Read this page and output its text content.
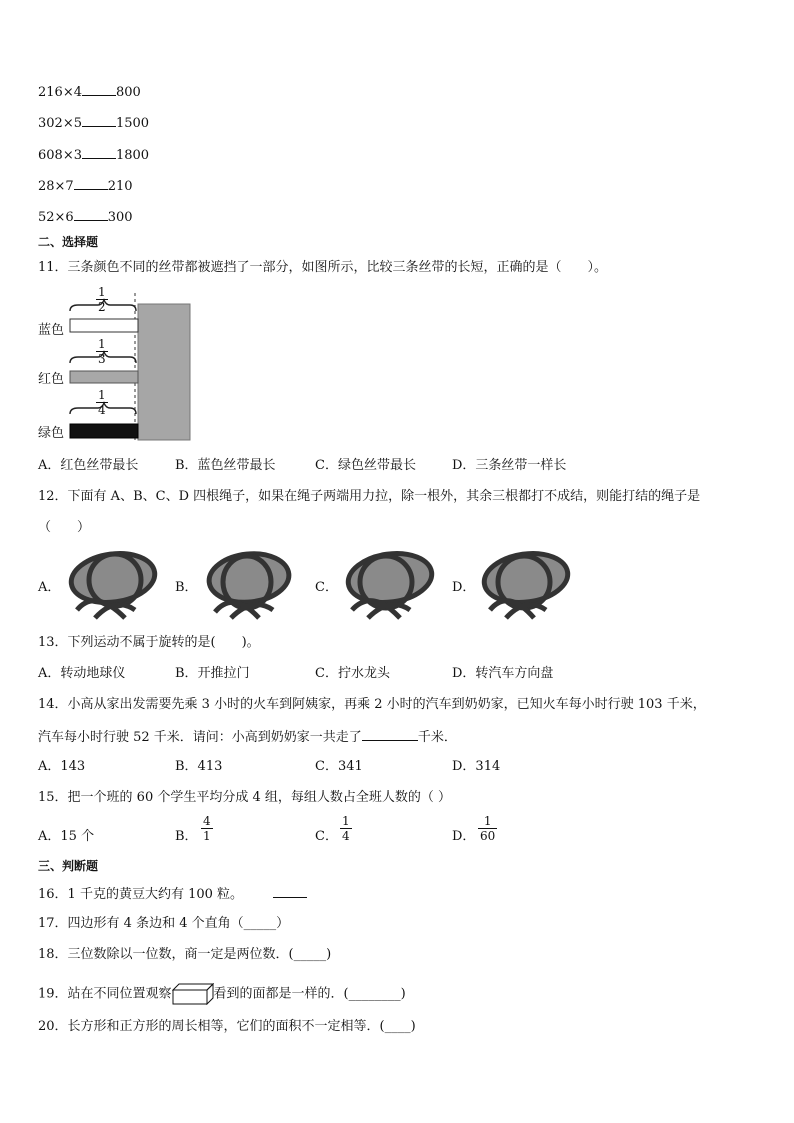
216×4	800
302×5	1500
608×3	1800
28×7	210
52×6	300
二、选择题
11．三条颜色不同的丝带都被遮挡了一部分，如图所示，比较三条丝带的长短，正确的是（　　）。
$\frac{1}{2}$
$\frac{1}{3}$
$\frac{1}{4}$
蓝色
红色
绿色
A．红色丝带最长	B．蓝色丝带最长	C．绿色丝带最长	D．三条丝带一样长
12．下面有 A、B、C、D 四根绳子，如果在绳子两端用力拉，除一根外，其余三根都打不成结，则能打结的绳子是
（　　）
A．	B．	C．	D．
13．下列运动不属于旋转的是(　　)。
A．转动地球仪	B．开推拉门	C．拧水龙头	D．转汽车方向盘
14．小高从家出发需要先乘 3 小时的火车到阿姨家，再乘 2 小时的汽车到奶奶家，已知火车每小时行驶 103 千米，
汽车每小时行驶 52 千米．请问：小高到奶奶家一共走了	千米．
A．143	B．413	C．341	D．314
15．把一个班的 60 个学生平均分成 4 组，每组人数占全班人数的（ ）
A．15 个	B． $\frac{4}{1}$	C． $\frac{1}{4}$	D． $\frac{1}{60}$
三、判断题
16．1 千克的黄豆大约有 100 粒。
17．四边形有 4 条边和 4 个直角（_____）
18．三位数除以一位数，商一定是两位数．(_____)
19．站在不同位置观察	看到的面都是一样的．(________)
20．长方形和正方形的周长相等，它们的面积不一定相等．(____)
